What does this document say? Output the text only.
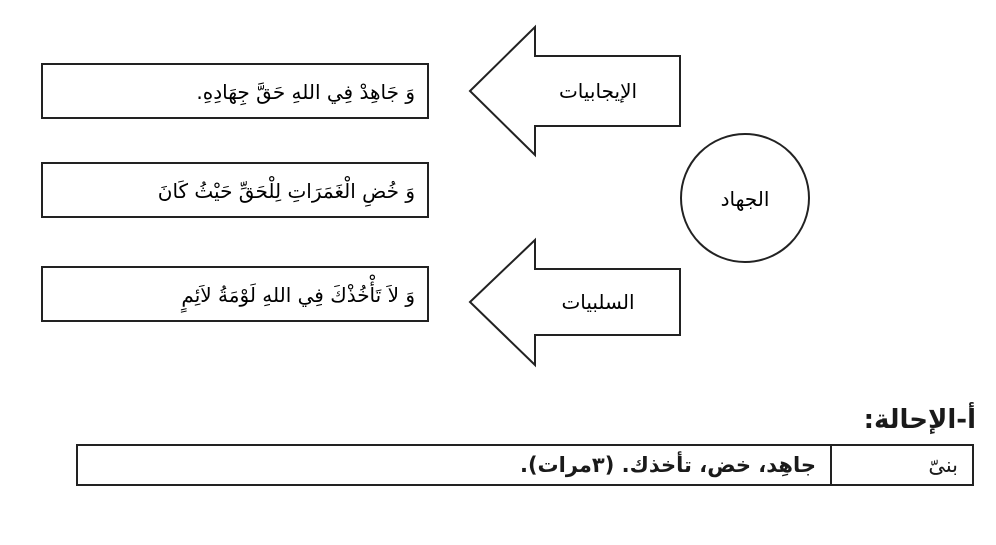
وَ جَاهِدْ فِي اللهِ حَقَّ جِهَادِهِ.
وَ خُضِ الْغَمَرَاتِ لِلْحَقِّ حَيْثُ كَانَ
وَ لاَ تَأْخُذْكَ فِي اللهِ لَوْمَةُ لاَئِمٍ
الإيجابيات
السلبيات
الجهاد
أ-الإحالة:
بنىّ
جاهِد، خض، تأخذك. (٣مرات).
